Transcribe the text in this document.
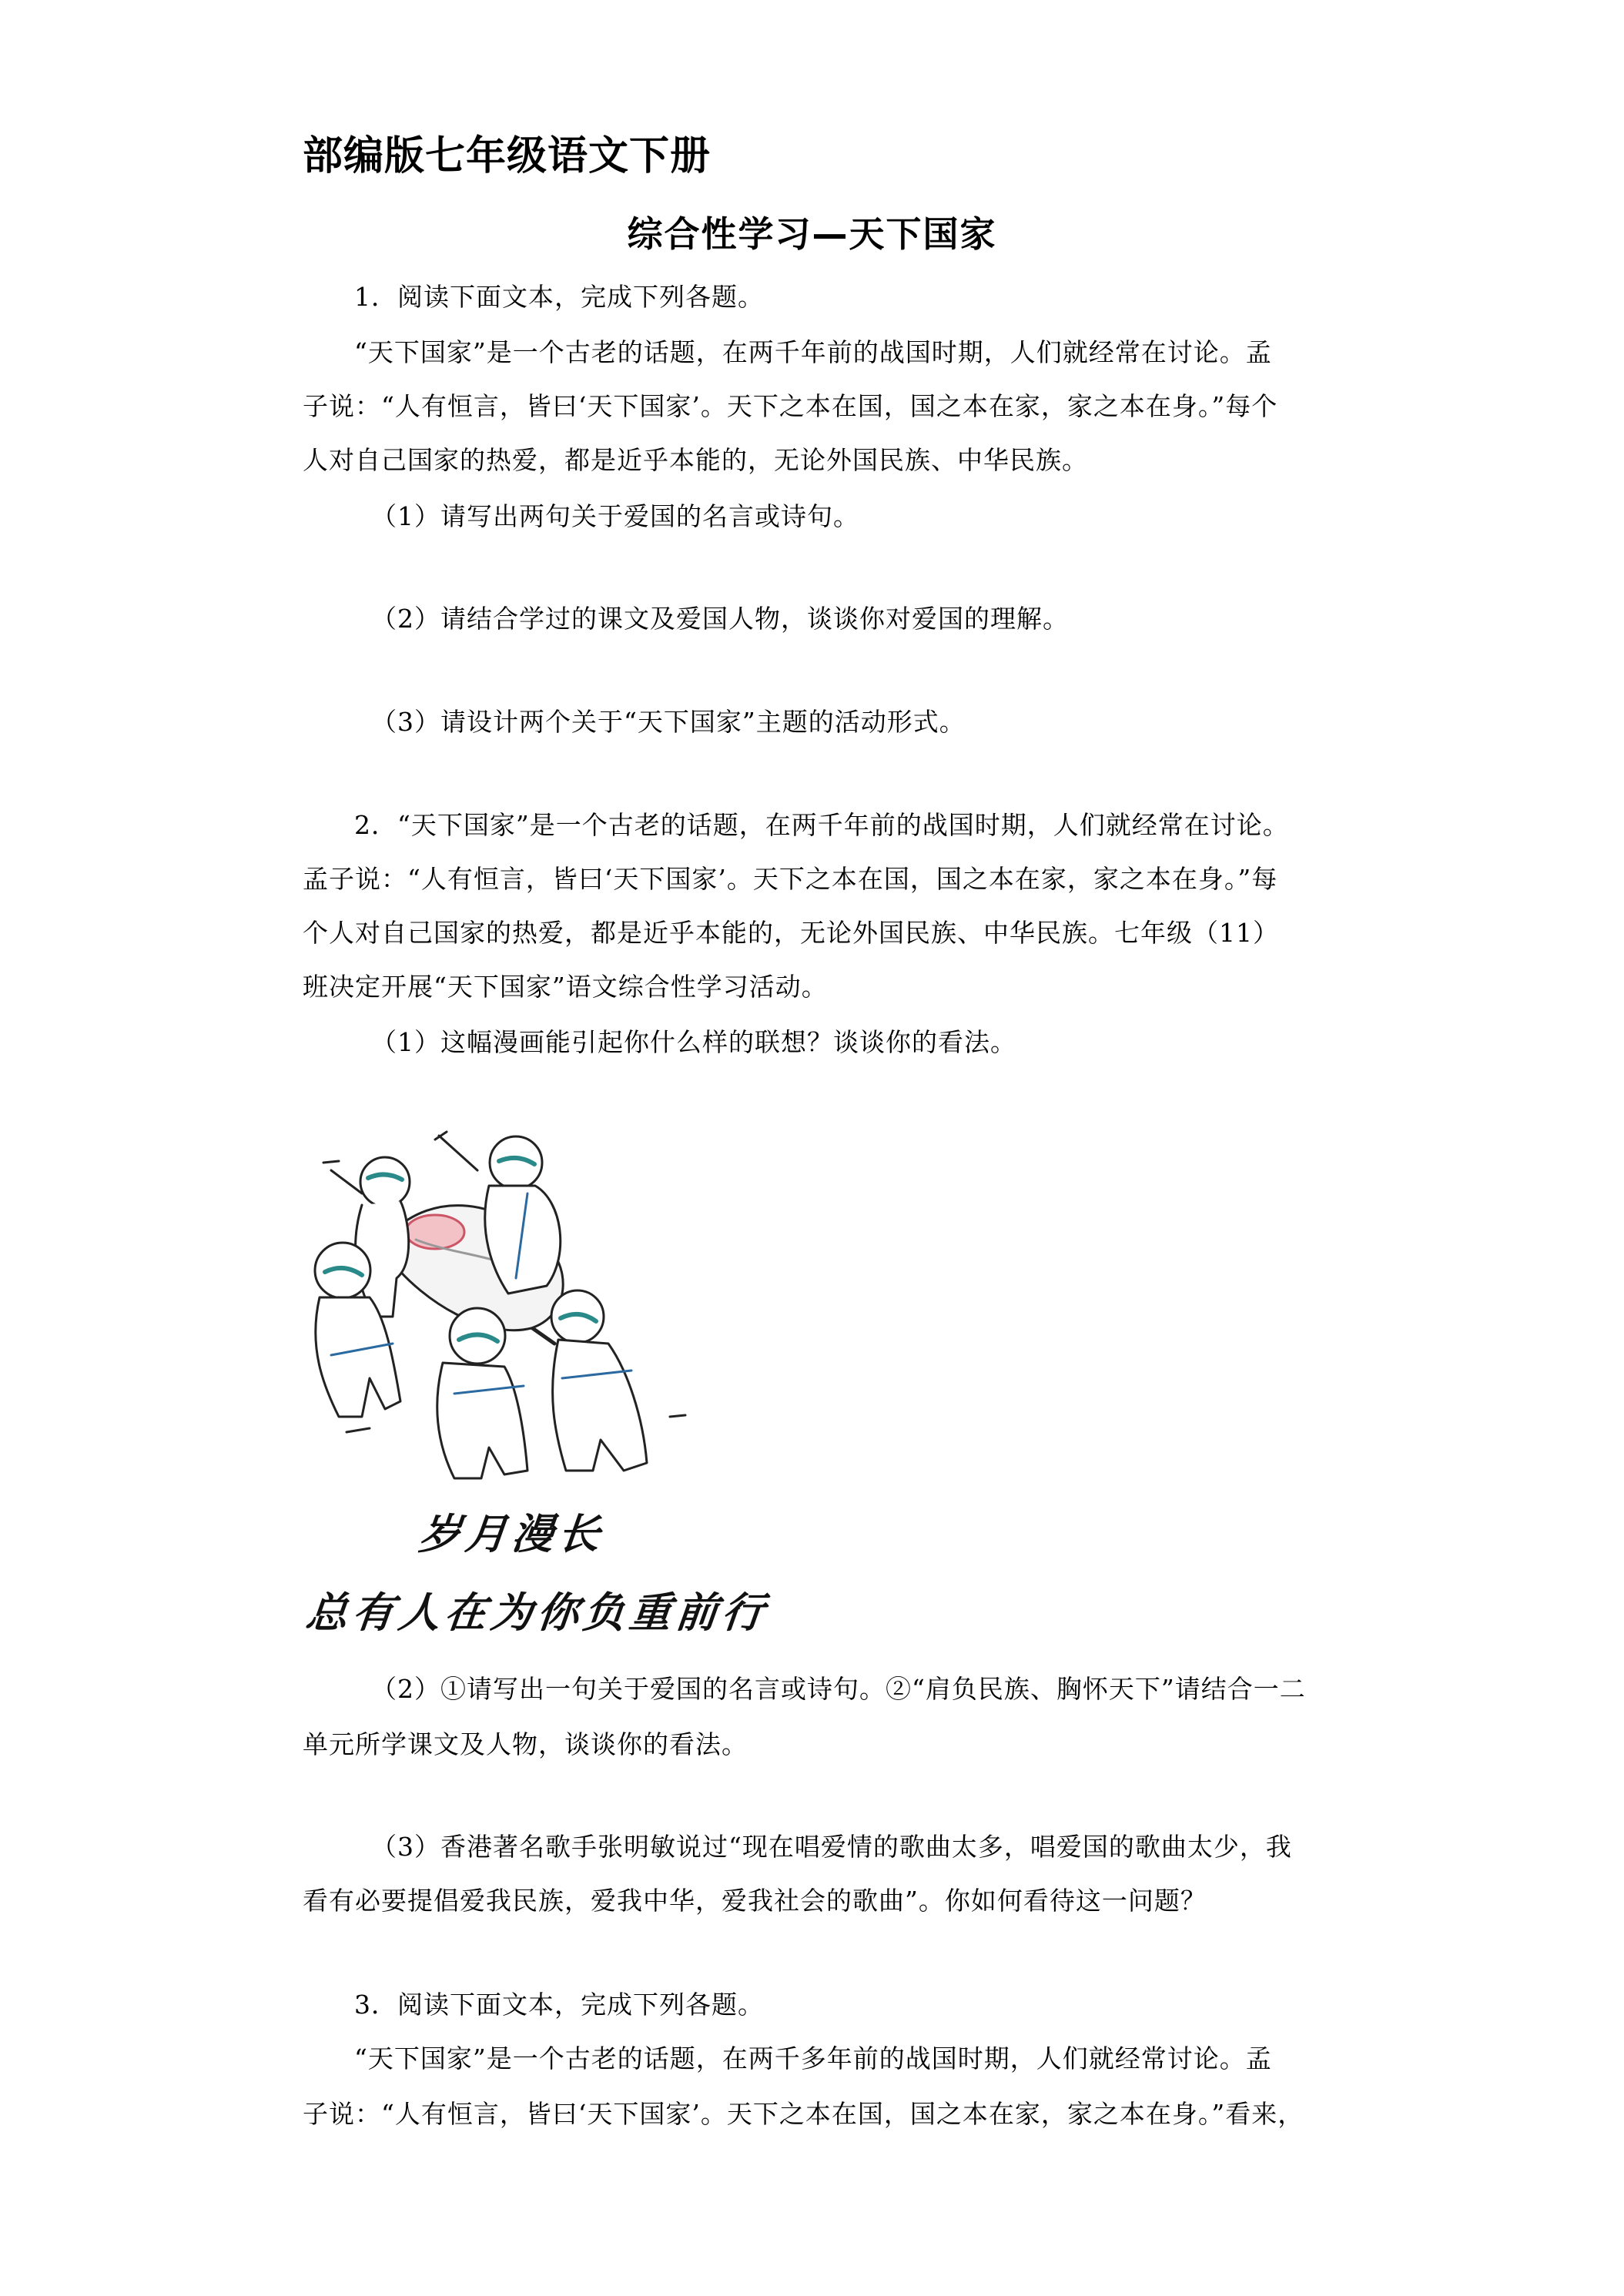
部编版七年级语文下册
综合性学习—天下国家
1．阅读下面文本，完成下列各题。
“天下国家”是一个古老的话题，在两千年前的战国时期，人们就经常在讨论。孟
子说：“人有恒言，皆曰‘天下国家’。天下之本在国，国之本在家，家之本在身。”每个
人对自己国家的热爱，都是近乎本能的，无论外国民族、中华民族。
（1）请写出两句关于爱国的名言或诗句。
（2）请结合学过的课文及爱国人物，谈谈你对爱国的理解。
（3）请设计两个关于“天下国家”主题的活动形式。
2．“天下国家”是一个古老的话题，在两千年前的战国时期，人们就经常在讨论。
孟子说：“人有恒言，皆曰‘天下国家’。天下之本在国，国之本在家，家之本在身。”每
个人对自己国家的热爱，都是近乎本能的，无论外国民族、中华民族。七年级（11）
班决定开展“天下国家”语文综合性学习活动。
（1）这幅漫画能引起你什么样的联想？谈谈你的看法。
岁月漫长
总有人在为你负重前行
（2）①请写出一句关于爱国的名言或诗句。②“肩负民族、胸怀天下”请结合一二
单元所学课文及人物，谈谈你的看法。
（3）香港著名歌手张明敏说过“现在唱爱情的歌曲太多，唱爱国的歌曲太少，我
看有必要提倡爱我民族，爱我中华，爱我社会的歌曲”。你如何看待这一问题？
3．阅读下面文本，完成下列各题。
“天下国家”是一个古老的话题，在两千多年前的战国时期，人们就经常讨论。孟
子说：“人有恒言，皆曰‘天下国家’。天下之本在国，国之本在家，家之本在身。”看来，
